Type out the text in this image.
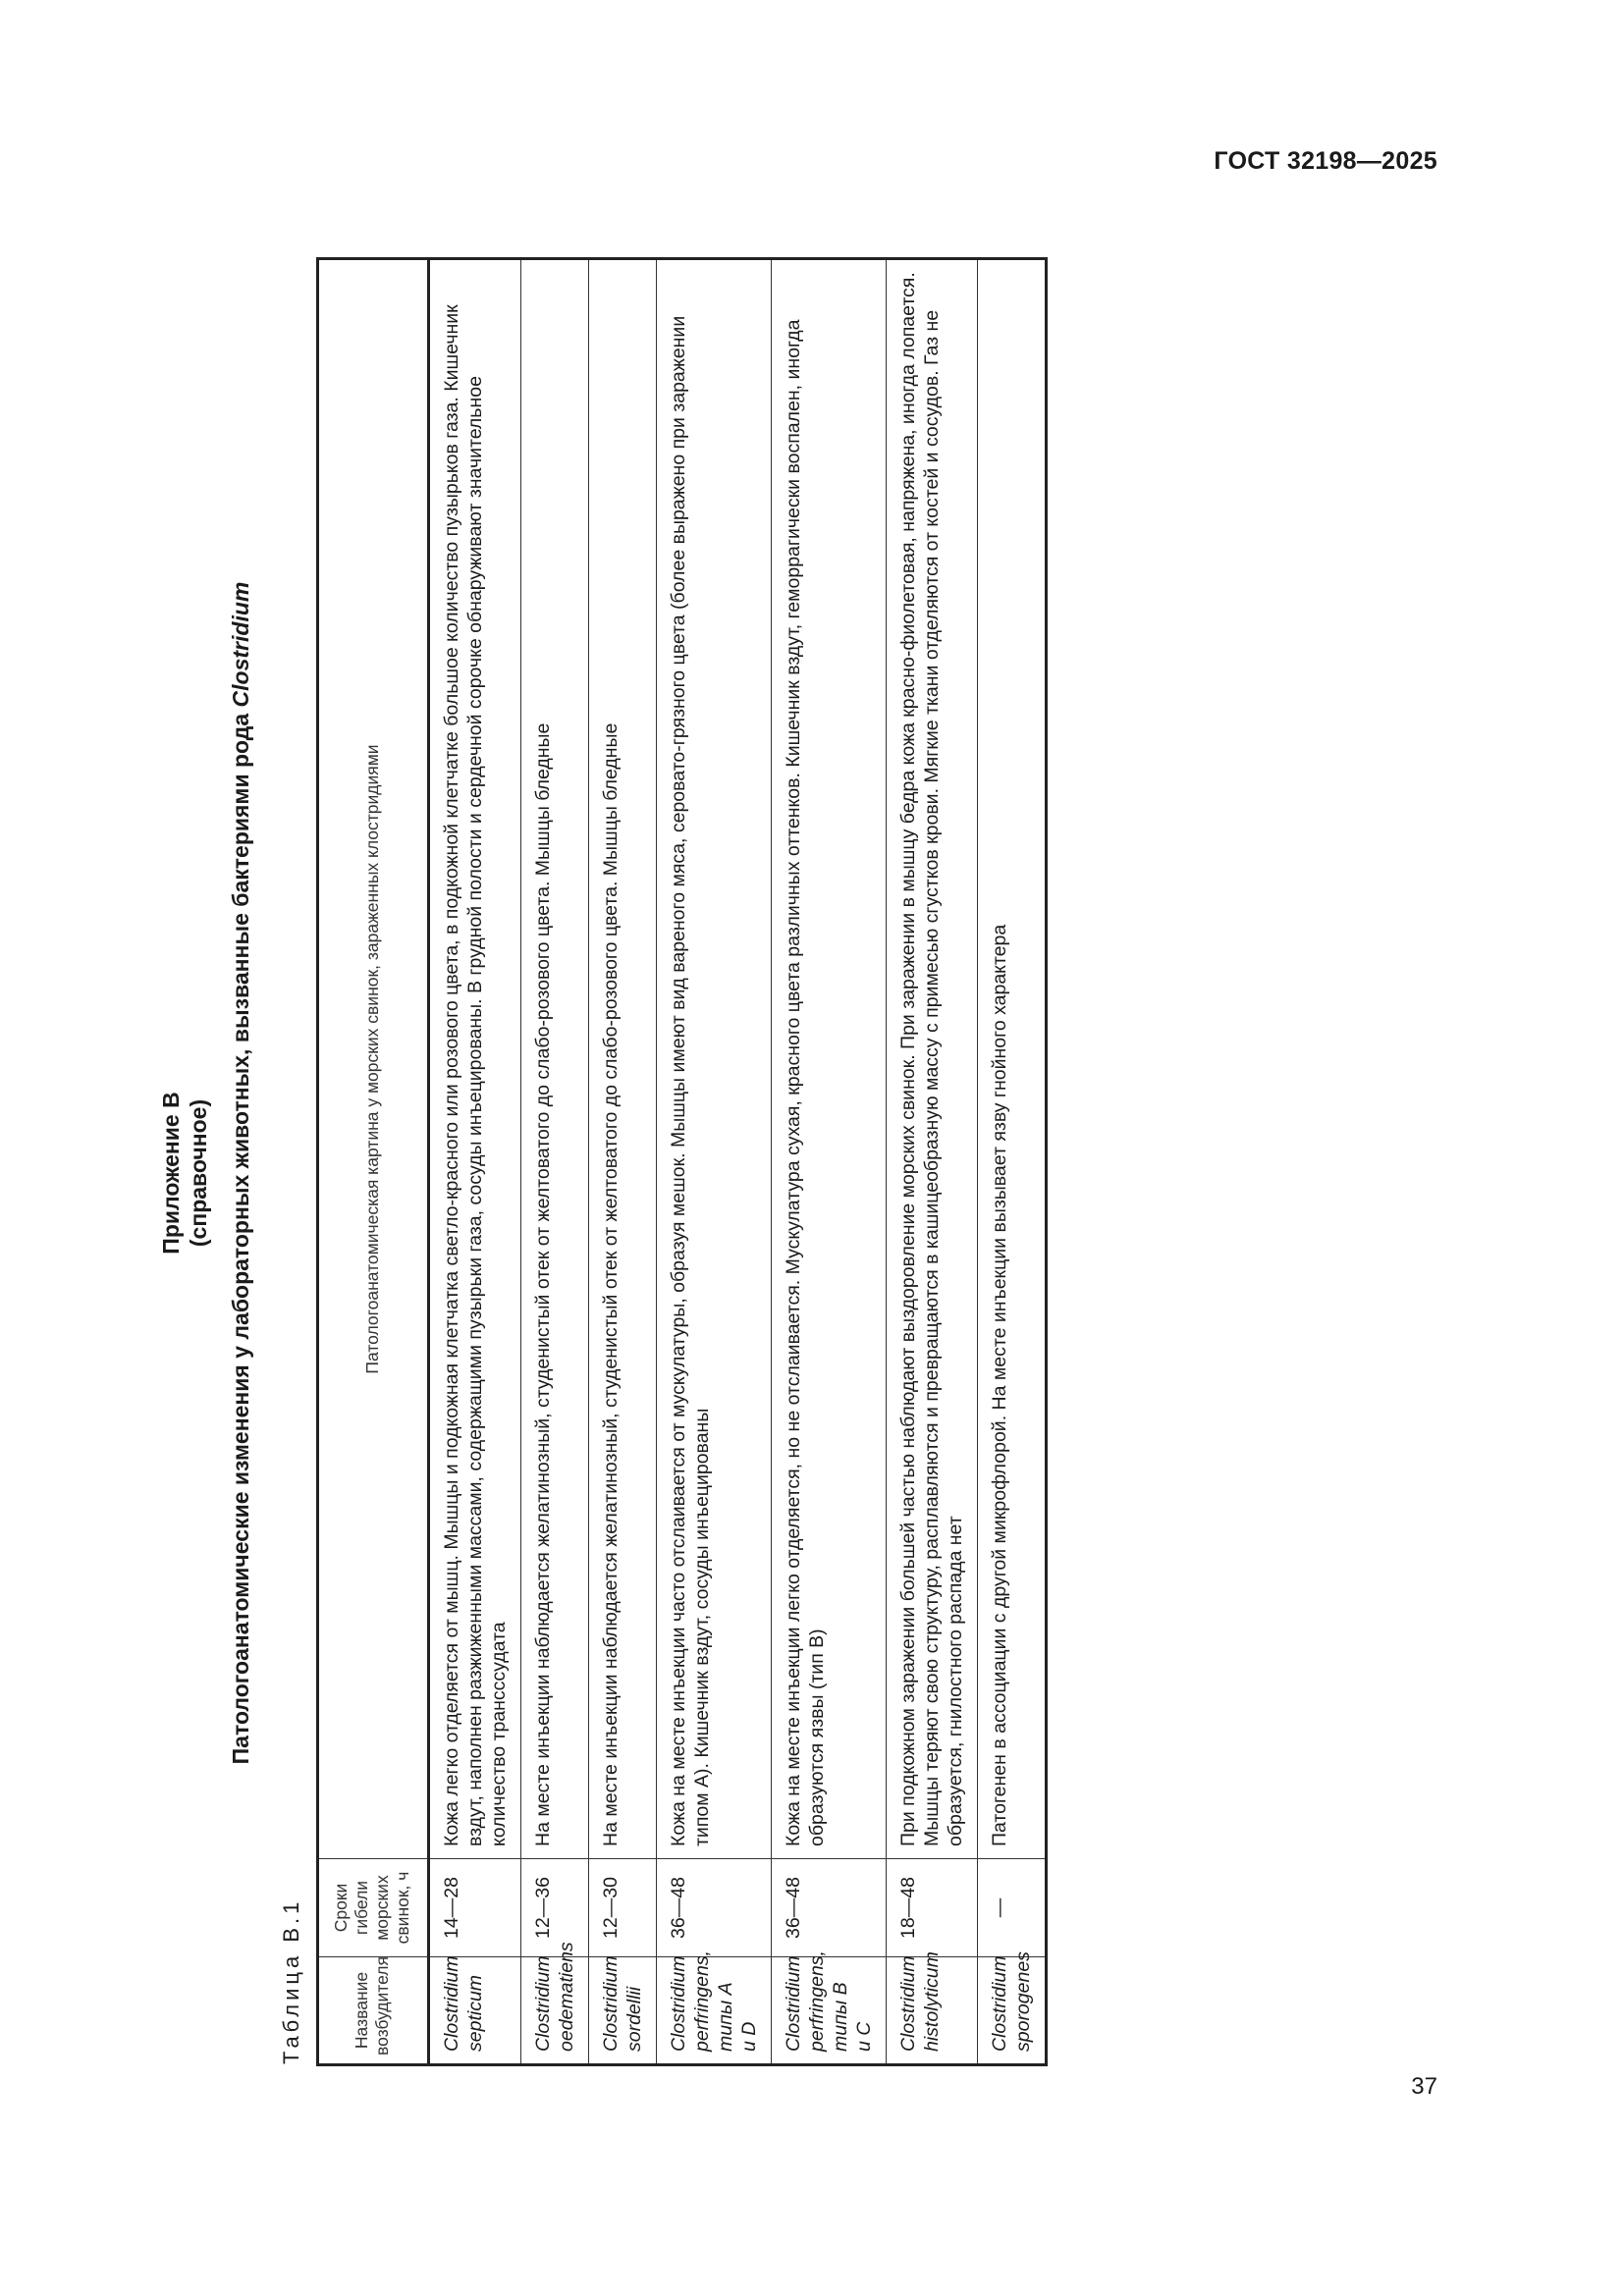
ГОСТ 32198—2025
Приложение В (справочное) Патологоанатомические изменения у лабораторных животных, вызванные бактериями рода Clostridium
Таблица В.1	Название возбудителя	Сроки гибели морских свинок, ч	Патологоанатомическая картина у морских свинок, зараженных клостридиями
Clostridium septicum	14—28	Кожа легко отделяется от мышц. Мышцы и подкожная клетчатка светло-красного или розового цвета, в подкожной клетчатке большое количество пузырьков газа. Кишечник вздут, наполнен разжиженными массами, содержащими пузырьки газа, сосуды инъецированы. В грудной полости и сердечной сорочке обнаруживают значительное количество трансссудата
Clostridium oedematiens	12—36	На месте инъекции наблюдается желатинозный, студенистый отек от желтоватого до слабо-розового цвета. Мышцы бледные
Clostridium sordellii	12—30	На месте инъекции наблюдается желатинозный, студенистый отек от желтоватого до слабо-розового цвета. Мышцы бледные
Clostridium perfringens, типы А и D	36—48	Кожа на месте инъекции часто отслаивается от мускулатуры, образуя мешок. Мышцы имеют вид вареного мяса, серовато-грязного цвета (более выражено при заражении типом А). Кишечник вздут, сосуды инъецированы
Clostridium perfringens, типы В и С	36—48	Кожа на месте инъекции легко отделяется, но не отслаивается. Мускулатура сухая, красного цвета различных оттенков. Кишечник вздут, геморрагически воспален, иногда образуются язвы (тип В)
Clostridium histolyticum	18—48	При подкожном заражении большей частью наблюдают выздоровление морских свинок. При заражении в мышцу бедра кожа красно-фиолетовая, напряжена, иногда лопается. Мышцы теряют свою структуру, расплавляются и превращаются в кашицеобразную массу с примесью сгустков крови. Мягкие ткани отделяются от костей и сосудов. Газ не образуется, гнилостного распада нет
Clostridium sporogenes	—	Патогенен в ассоциации с другой микрофлорой. На месте инъекции вызывает язву гнойного характера
37
